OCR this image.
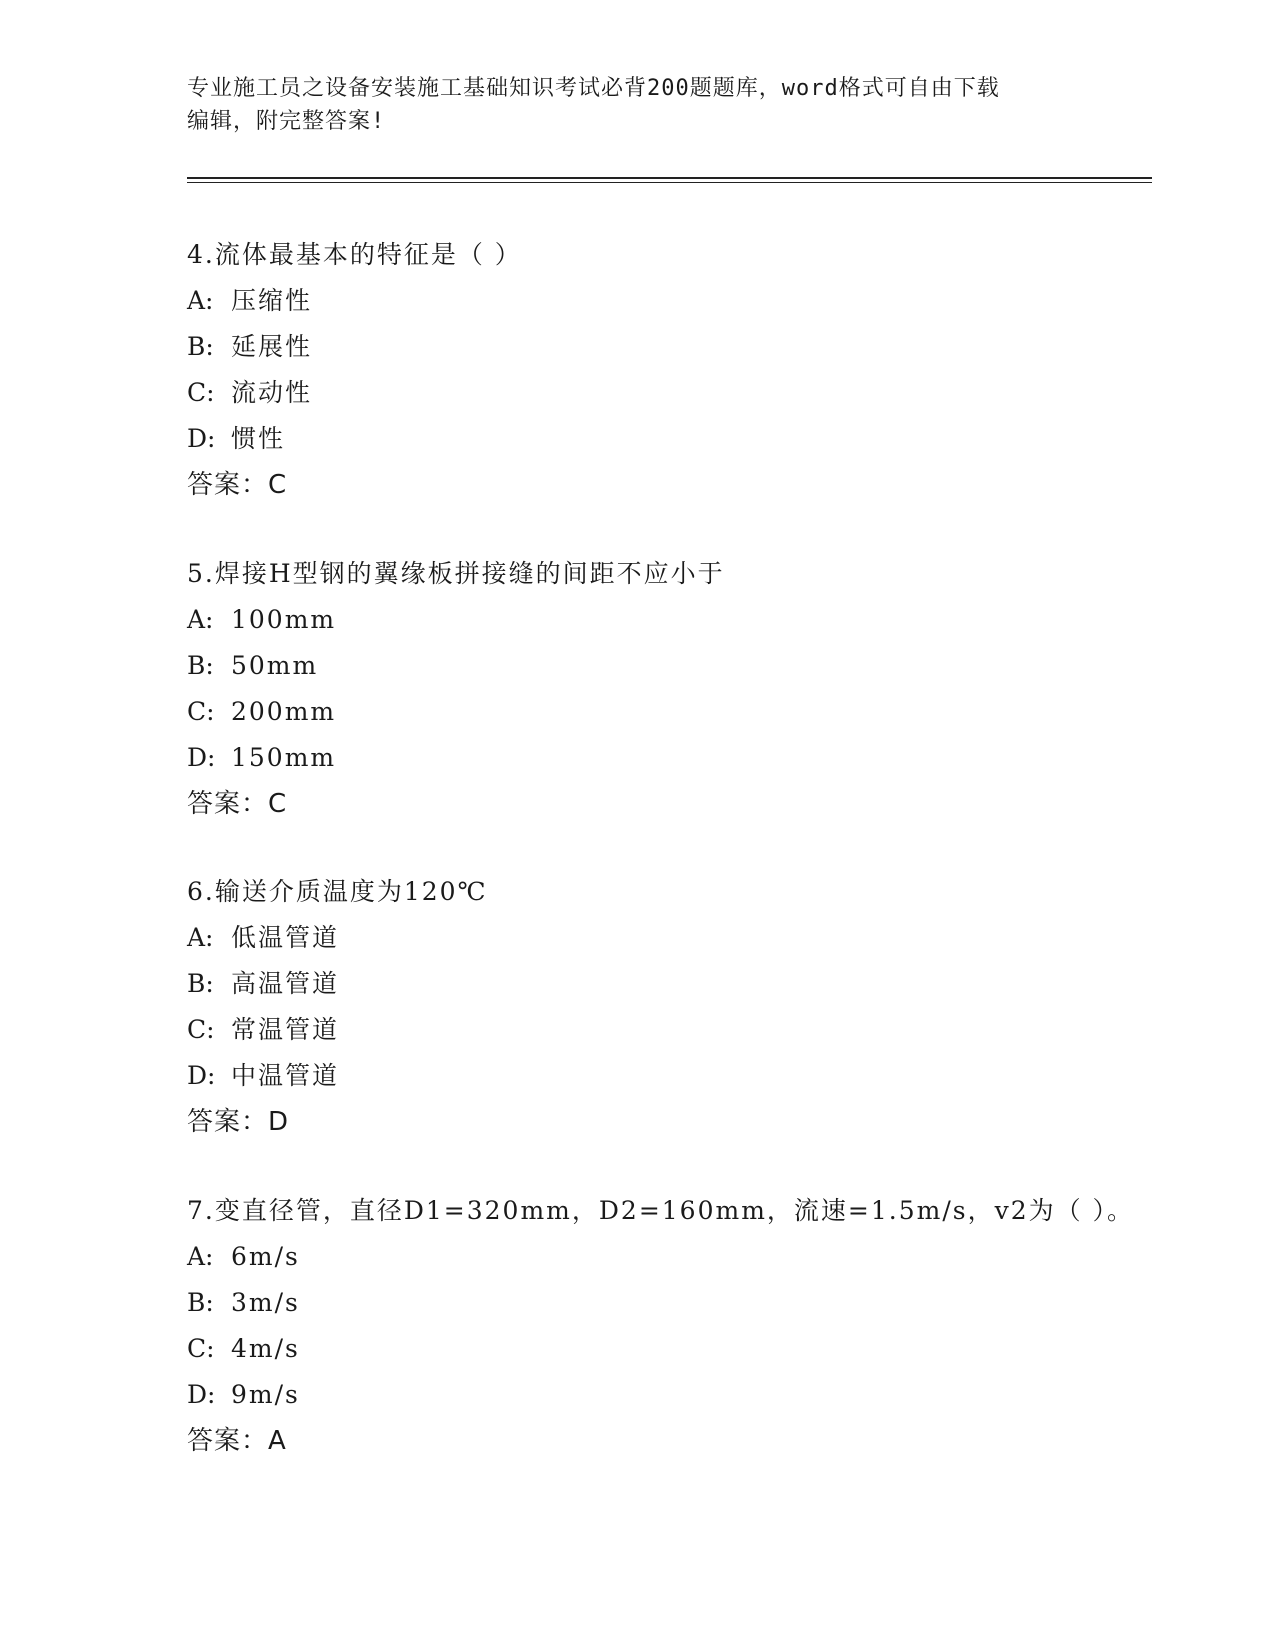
专业施工员之设备安装施工基础知识考试必背200题题库，word格式可自由下载
编辑，附完整答案!
4.流体最基本的特征是（ ）
A: 压缩性
B: 延展性
C: 流动性
D: 惯性
答案：C
5.焊接H型钢的翼缘板拼接缝的间距不应小于
A: 100mm
B: 50mm
C: 200mm
D: 150mm
答案：C
6.输送介质温度为120℃
A: 低温管道
B: 高温管道
C: 常温管道
D: 中温管道
答案：D
7.变直径管，直径D1=320mm，D2=160mm，流速=1.5m/s，v2为（ ）。
A: 6m/s
B: 3m/s
C: 4m/s
D: 9m/s
答案：A
